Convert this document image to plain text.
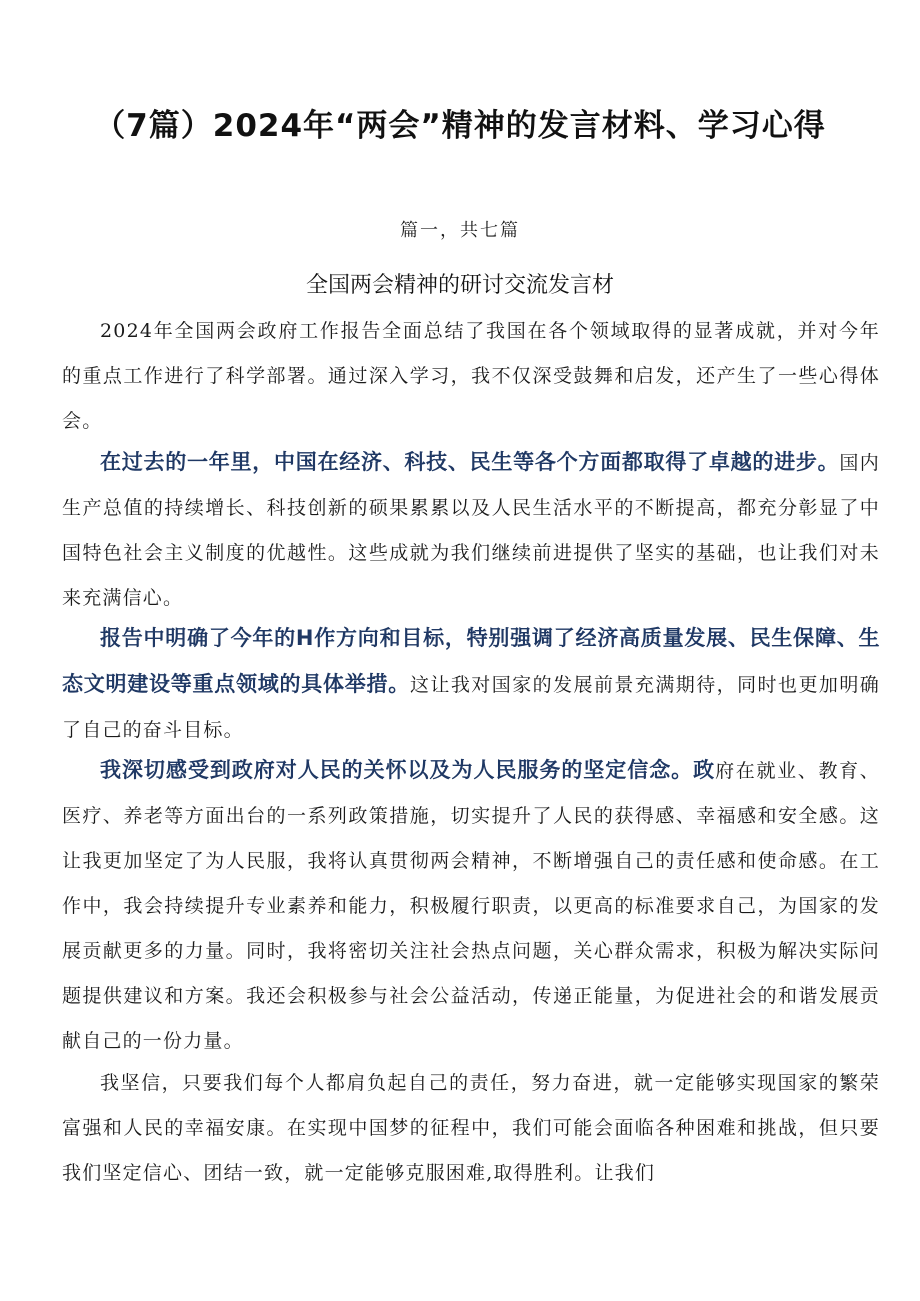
（7篇）2024年“两会”精神的发言材料、学习心得
篇一，共七篇
全国两会精神的研讨交流发言材

2024年全国两会政府工作报告全面总结了我国在各个领域取得的显著成就，并对今年的重点工作进行了科学部署。通过深入学习，我不仅深受鼓舞和启发，还产生了一些心得体会。

在过去的一年里，中国在经济、科技、民生等各个方面都取得了卓越的进步。国内生产总值的持续增长、科技创新的硕果累累以及人民生活水平的不断提高，都充分彰显了中国特色社会主义制度的优越性。这些成就为我们继续前进提供了坚实的基础，也让我们对未来充满信心。

报告中明确了今年的H作方向和目标，特别强调了经济高质量发展、民生保障、生态文明建设等重点领域的具体举措。这让我对国家的发展前景充满期待，同时也更加明确了自己的奋斗目标。

我深切感受到政府对人民的关怀以及为人民服务的坚定信念。政府在就业、教育、医疗、养老等方面出台的一系列政策措施，切实提升了人民的获得感、幸福感和安全感。这让我更加坚定了为人民服，我将认真贯彻两会精神，不断增强自己的责任感和使命感。在工作中，我会持续提升专业素养和能力，积极履行职责，以更高的标准要求自己，为国家的发展贡献更多的力量。同时，我将密切关注社会热点问题，关心群众需求，积极为解决实际问题提供建议和方案。我还会积极参与社会公益活动，传递正能量，为促进社会的和谐发展贡献自己的一份力量。

我坚信，只要我们每个人都肩负起自己的责任，努力奋进，就一定能够实现国家的繁荣富强和人民的幸福安康。在实现中国梦的征程中，我们可能会面临各种困难和挑战，但只要我们坚定信心、团结一致，就一定能够克服困难,取得胜利。让我们
